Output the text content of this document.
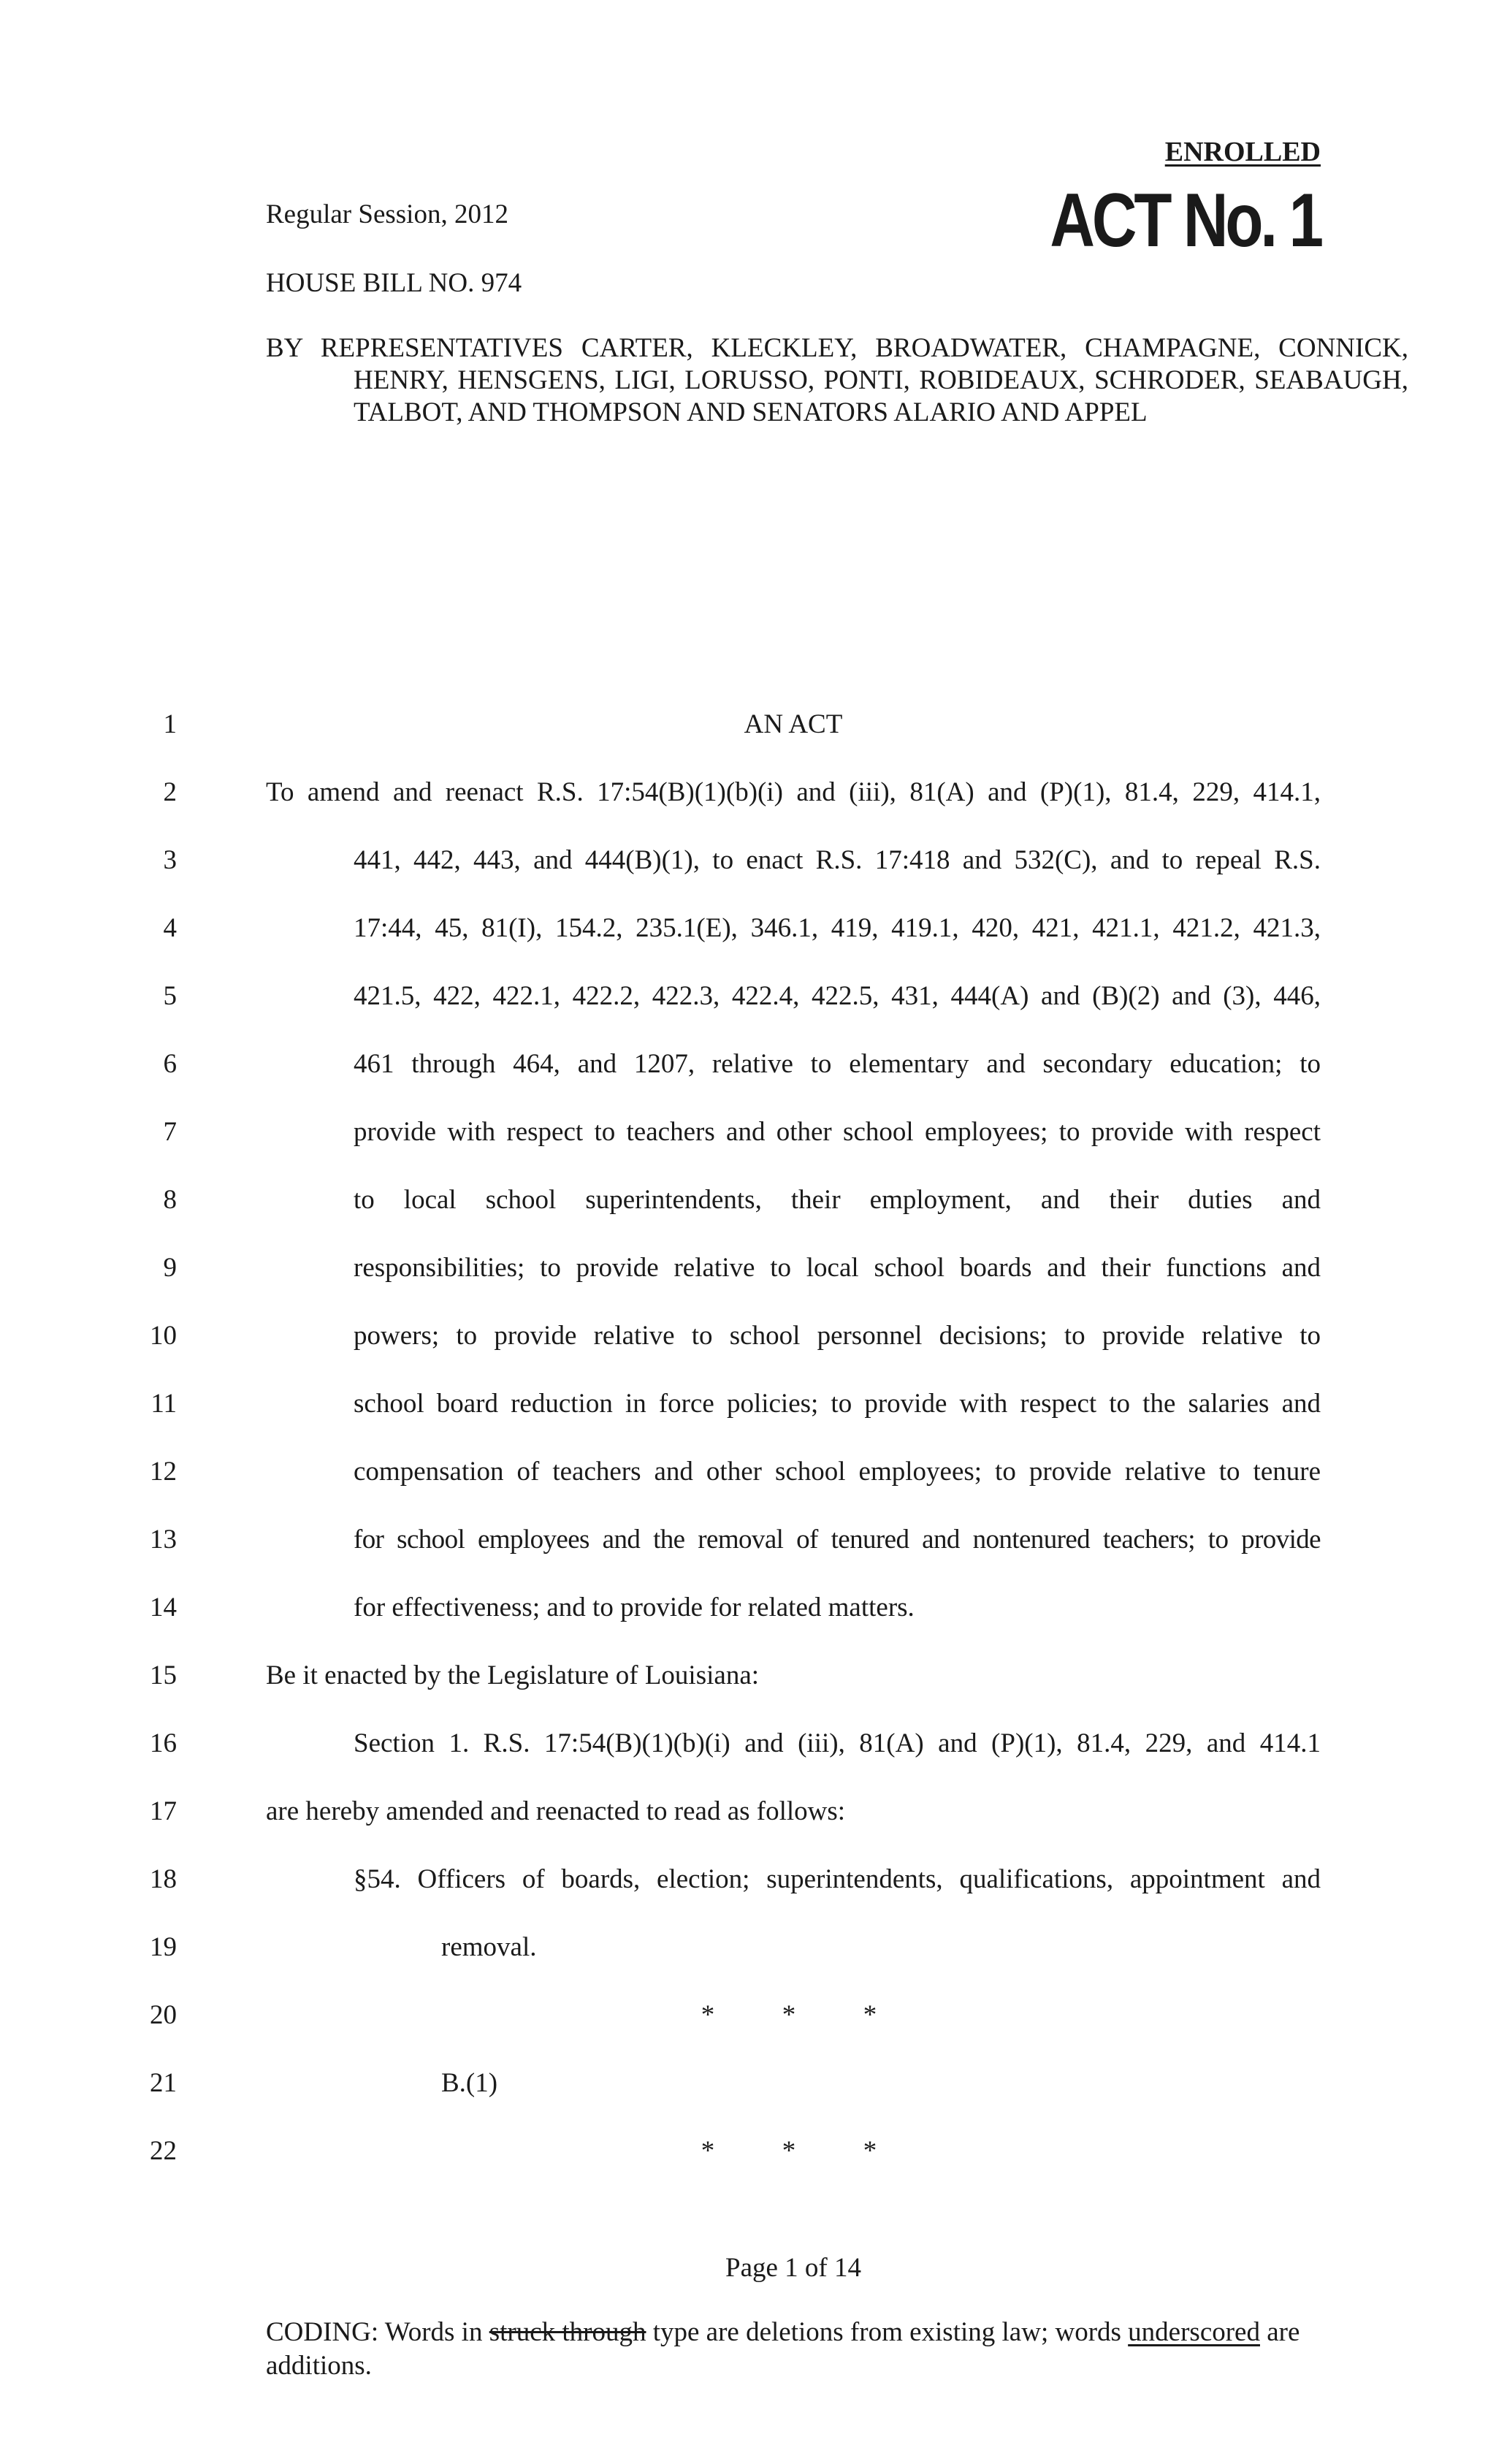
ENROLLED
ACT No. 1
Regular Session, 2012
HOUSE BILL NO. 974
BY REPRESENTATIVES CARTER, KLECKLEY, BROADWATER, CHAMPAGNE, CONNICK, HENRY, HENSGENS, LIGI, LORUSSO, PONTI, ROBIDEAUX, SCHRODER, SEABAUGH, TALBOT, AND THOMPSON AND SENATORS ALARIO AND APPEL
1	AN ACT
2	To amend and reenact R.S. 17:54(B)(1)(b)(i) and (iii), 81(A) and (P)(1), 81.4, 229, 414.1,
3	441, 442, 443, and 444(B)(1), to enact R.S. 17:418 and 532(C), and to repeal R.S.
4	17:44, 45, 81(I), 154.2, 235.1(E), 346.1, 419, 419.1, 420, 421, 421.1, 421.2, 421.3,
5	421.5, 422, 422.1, 422.2, 422.3, 422.4, 422.5, 431, 444(A) and (B)(2) and (3), 446,
6	461 through 464, and 1207, relative to elementary and secondary education; to
7	provide with respect to teachers and other school employees; to provide with respect
8	to local school superintendents, their employment, and their duties and
9	responsibilities; to provide relative to local school boards and their functions and
10	powers; to provide relative to school personnel decisions; to provide relative to
11	school board reduction in force policies; to provide with respect to the salaries and
12	compensation of teachers and other school employees; to provide relative to tenure
13	for school employees and the removal of tenured and nontenured teachers; to provide
14	for effectiveness; and to provide for related matters.
15	Be it enacted by the Legislature of Louisiana:
16	Section 1. R.S. 17:54(B)(1)(b)(i) and (iii), 81(A) and (P)(1), 81.4, 229, and 414.1
17	are hereby amended and reenacted to read as follows:
18	§54. Officers of boards, election; superintendents, qualifications, appointment and
19	removal.
20	*          *          *
21	B.(1)
22	*          *          *
Page 1 of 14
CODING: Words in struck through type are deletions from existing law; words underscored are additions.
